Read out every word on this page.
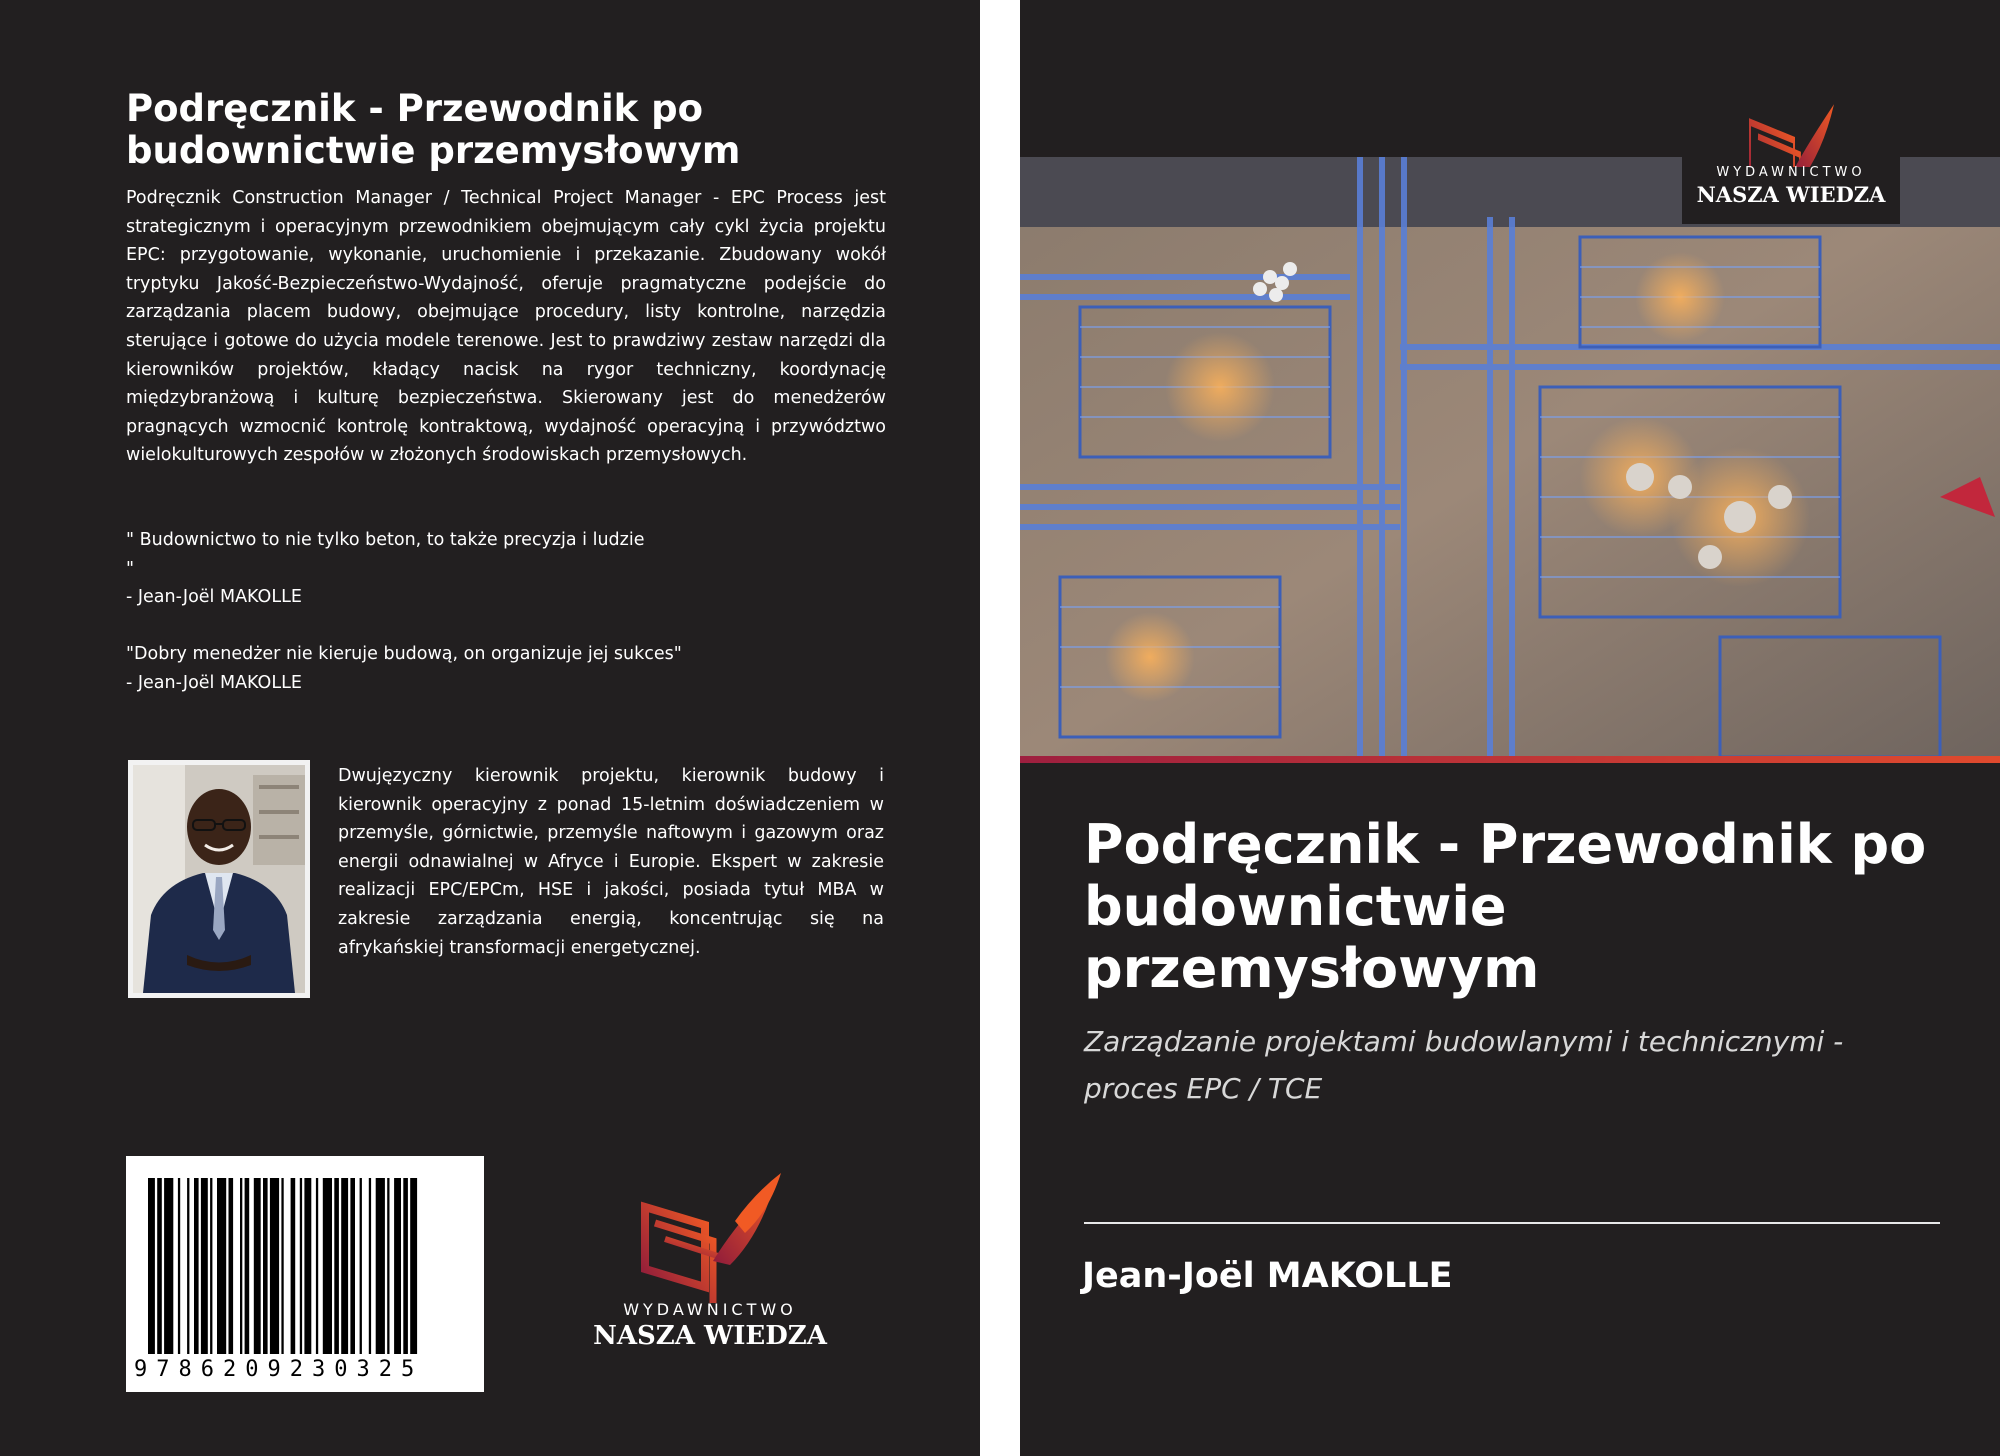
Podręcznik - Przewodnik po budownictwie przemysłowym

Podręcznik Construction Manager / Technical Project Manager - EPC Process jest strategicznym i operacyjnym przewodnikiem obejmującym cały cykl życia projektu EPC: przygotowanie, wykonanie, uruchomienie i przekazanie. Zbudowany wokół tryptyku Jakość-Bezpieczeństwo-Wydajność, oferuje pragmatyczne podejście do zarządzania placem budowy, obejmujące procedury, listy kontrolne, narzędzia sterujące i gotowe do użycia modele terenowe. Jest to prawdziwy zestaw narzędzi dla kierowników projektów, kładący nacisk na rygor techniczny, koordynację międzybranżową i kulturę bezpieczeństwa. Skierowany jest do menedżerów pragnących wzmocnić kontrolę kontraktową, wydajność operacyjną i przywództwo wielokulturowych zespołów w złożonych środowiskach przemysłowych.

" Budownictwo to nie tylko beton, to także precyzja i ludzie
"
- Jean-Joël MAKOLLE

"Dobry menedżer nie kieruje budową, on organizuje jej sukces"
- Jean-Joël MAKOLLE

Dwujęzyczny kierownik projektu, kierownik budowy i kierownik operacyjny z ponad 15-letnim doświadczeniem w przemyśle, górnictwie, przemyśle naftowym i gazowym oraz energii odnawialnej w Afryce i Europie. Ekspert w zakresie realizacji EPC/EPCm, HSE i jakości, posiada tytuł MBA w zakresie zarządzania energią, koncentrując się na afrykańskiej transformacji energetycznej.

9786209230325
WYDAWNICTWO
NASZA WIEDZA
WYDAWNICTWO
NASZA WIEDZA
Podręcznik - Przewodnik po budownictwie przemysłowym

Zarządzanie projektami budowlanymi i technicznymi - proces EPC / TCE

Jean-Joël MAKOLLE
